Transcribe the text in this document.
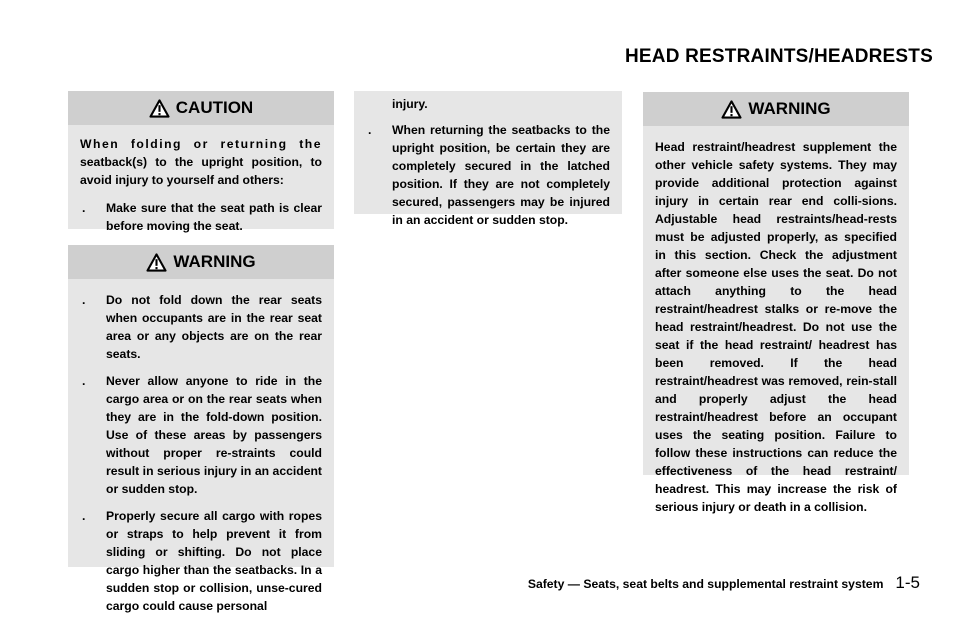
HEAD RESTRAINTS/HEADRESTS
CAUTION

When folding or returning the

seatback(s) to the upright position, to avoid injury to yourself and others:

. Make sure that the seat path is clear before moving the seat.
WARNING
. Do not fold down the rear seats when occupants are in the rear seat area or any objects are on the rear seats.
. Never allow anyone to ride in the cargo area or on the rear seats when they are in the fold-down position. Use of these areas by passengers without proper re-straints could result in serious injury in an accident or sudden stop.
. Properly secure all cargo with ropes or straps to help prevent it from sliding or shifting. Do not place cargo higher than the seatbacks. In a sudden stop or collision, unse-cured cargo could cause personal

injury.

. When returning the seatbacks to the upright position, be certain they are completely secured in the latched position. If they are not completely secured, passengers may be injured in an accident or sudden stop.
WARNING

Head restraint/headrest supplement the other vehicle safety systems. They may provide additional protection against injury in certain rear end colli-sions. Adjustable head restraints/head-rests must be adjusted properly, as specified in this section. Check the adjustment after someone else uses the seat. Do not attach anything to the head restraint/headrest stalks or re-move the head restraint/headrest. Do not use the seat if the head restraint/ headrest has been removed. If the head restraint/headrest was removed, rein-stall and properly adjust the head restraint/headrest before an occupant uses the seating position. Failure to follow these instructions can reduce the effectiveness of the head restraint/ headrest. This may increase the risk of serious injury or death in a collision.

Safety — Seats, seat belts and supplemental restraint system 1-5
